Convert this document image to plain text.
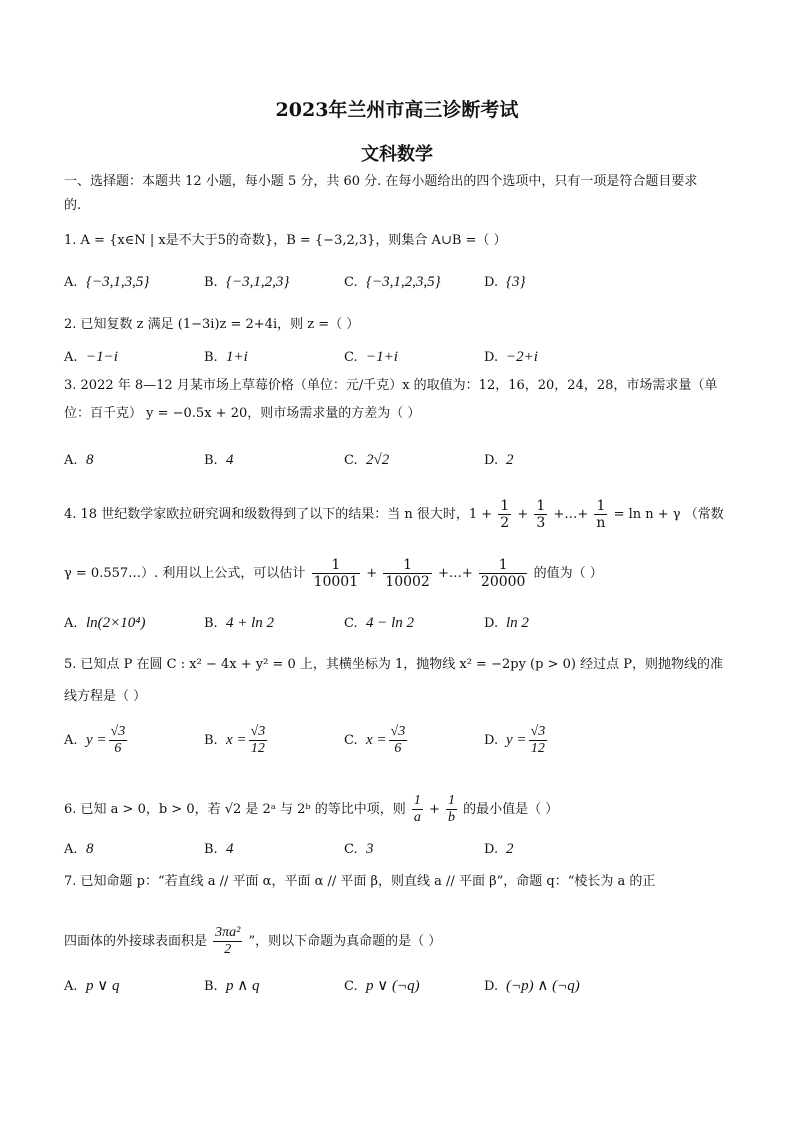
2023年兰州市高三诊断考试
文科数学
一、选择题：本题共 12 小题，每小题 5 分，共 60 分. 在每小题给出的四个选项中，只有一项是符合题目要求
的.
1. A = {x∈N | x是不大于5的奇数}，B = {−3,2,3}，则集合 A∪B =（ ）
A. {−3,1,3,5}	B. {−3,1,2,3}	C. {−3,1,2,3,5}	D. {3}
2. 已知复数 z 满足 (1−3i)z = 2+4i，则 z =（ ）
A. −1−i	B. 1+i	C. −1+i	D. −2+i
3. 2022 年 8—12 月某市场上草莓价格（单位：元/千克）x 的取值为：12，16，20，24，28，市场需求量（单
位：百千克） y = −0.5x + 20，则市场需求量的方差为（ ）
A. 8	B. 4	C. 2√2	D. 2
4. 18 世纪数学家欧拉研究调和级数得到了以下的结果：当 n 很大时，$1 + \frac{1}{2} + \frac{1}{3}$ +…+ $\frac{1}{n} = \ln n + \gamma$ （常数
γ = 0.557…）. 利用以上公式，可以估计 $\frac{1}{10001} + \frac{1}{10002}$ +…+ $\frac{1}{20000}$ 的值为（ ）
A. ln(2×10⁴)	B. 4 + ln 2	C. 4 − ln 2	D. ln 2
5. 已知点 P 在圆 C : x² − 4x + y² = 0 上，其横坐标为 1，抛物线 x² = −2py (p > 0) 经过点 P，则抛物线的准
线方程是（ ）
A. $y = \frac{√3}{6}$	B. $x = \frac{√3}{12}$	C. $x = \frac{√3}{6}$	D. $y = \frac{√3}{12}$
6. 已知 a > 0，b > 0，若 √2 是 2ᵃ 与 2ᵇ 的等比中项，则 $\frac{1}{a} + \frac{1}{b}$ 的最小值是（ ）
A. 8	B. 4	C. 3	D. 2
7. 已知命题 p：“若直线 a // 平面 α，平面 α // 平面 β，则直线 a // 平面 β”，命题 q：“棱长为 a 的正
四面体的外接球表面积是 $\frac{\text{3πa²}}{2}$ ”，则以下命题为真命题的是（ ）
A. p ∨ q	B. p ∧ q	C. p ∨ (¬q)	D. (¬p) ∧ (¬q)
